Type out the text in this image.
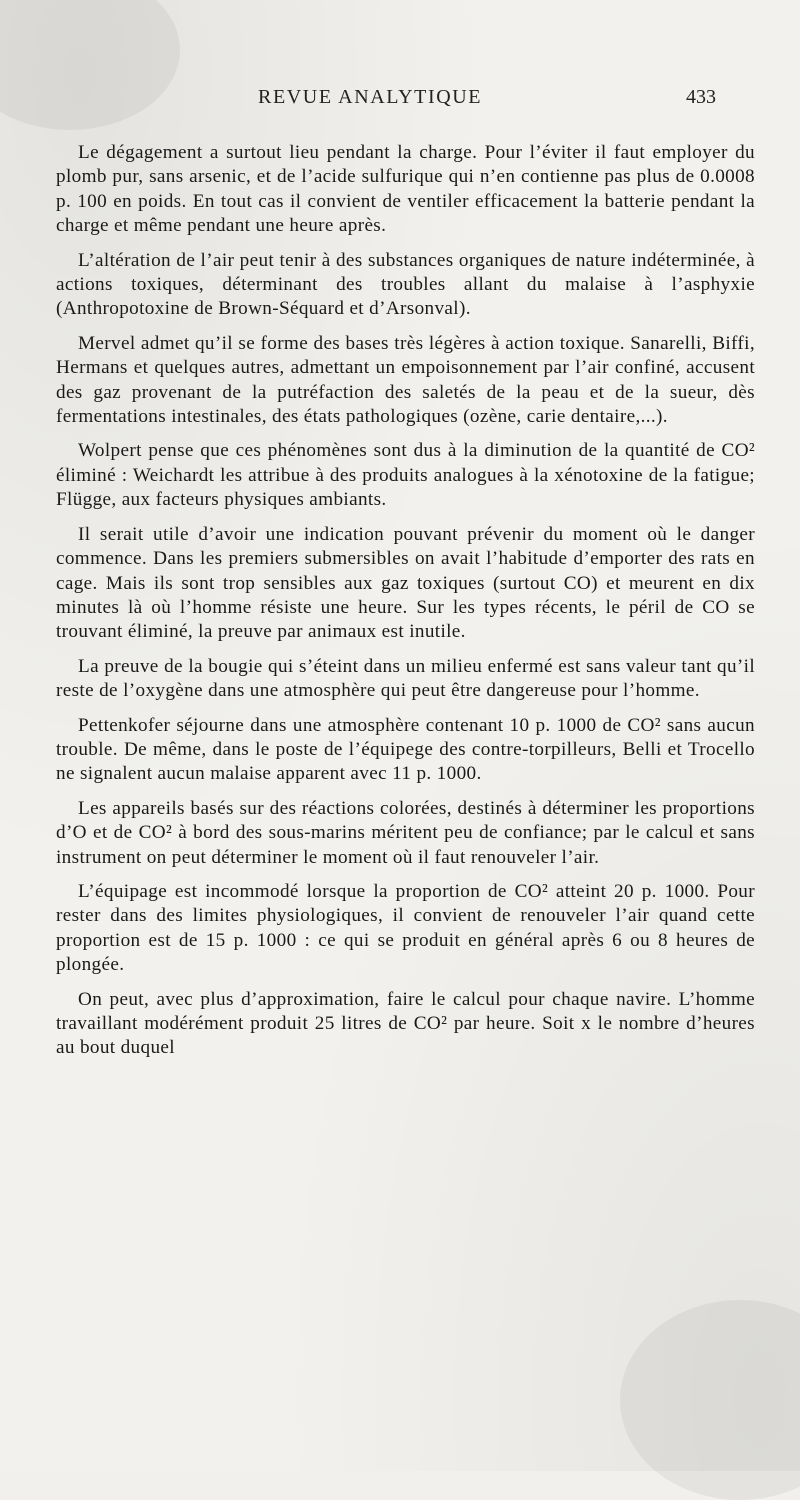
REVUE ANALYTIQUE	433

Le dégagement a surtout lieu pendant la charge. Pour l’éviter il faut employer du plomb pur, sans arsenic, et de l’acide sulfurique qui n’en contienne pas plus de 0.0008 p. 100 en poids. En tout cas il convient de ventiler efficacement la batterie pendant la charge et même pendant une heure après.

L’altération de l’air peut tenir à des substances organiques de nature indéterminée, à actions toxiques, déterminant des troubles allant du malaise à l’asphyxie (Anthropotoxine de Brown-Séquard et d’Arsonval).

Mervel admet qu’il se forme des bases très légères à action toxique. Sanarelli, Biffi, Hermans et quelques autres, admettant un empoisonnement par l’air confiné, accusent des gaz provenant de la putréfaction des saletés de la peau et de la sueur, dès fermentations intestinales, des états pathologiques (ozène, carie dentaire,...).

Wolpert pense que ces phénomènes sont dus à la diminution de la quantité de CO² éliminé : Weichardt les attribue à des produits analogues à la xénotoxine de la fatigue; Flügge, aux facteurs physiques ambiants.

Il serait utile d’avoir une indication pouvant prévenir du moment où le danger commence. Dans les premiers submersibles on avait l’habitude d’emporter des rats en cage. Mais ils sont trop sensibles aux gaz toxiques (surtout CO) et meurent en dix minutes là où l’homme résiste une heure. Sur les types récents, le péril de CO se trouvant éliminé, la preuve par animaux est inutile.

La preuve de la bougie qui s’éteint dans un milieu enfermé est sans valeur tant qu’il reste de l’oxygène dans une atmosphère qui peut être dangereuse pour l’homme.

Pettenkofer séjourne dans une atmosphère contenant 10 p. 1000 de CO² sans aucun trouble. De même, dans le poste de l’équipege des contre-torpilleurs, Belli et Trocello ne signalent aucun malaise apparent avec 11 p. 1000.

Les appareils basés sur des réactions colorées, destinés à déterminer les proportions d’O et de CO² à bord des sous-marins méritent peu de confiance; par le calcul et sans instrument on peut déterminer le moment où il faut renouveler l’air.

L’équipage est incommodé lorsque la proportion de CO² atteint 20 p. 1000. Pour rester dans des limites physiologiques, il convient de renouveler l’air quand cette proportion est de 15 p. 1000 : ce qui se produit en général après 6 ou 8 heures de plongée.

On peut, avec plus d’approximation, faire le calcul pour chaque navire. L’homme travaillant modérément produit 25 litres de CO² par heure. Soit x le nombre d’heures au bout duquel
